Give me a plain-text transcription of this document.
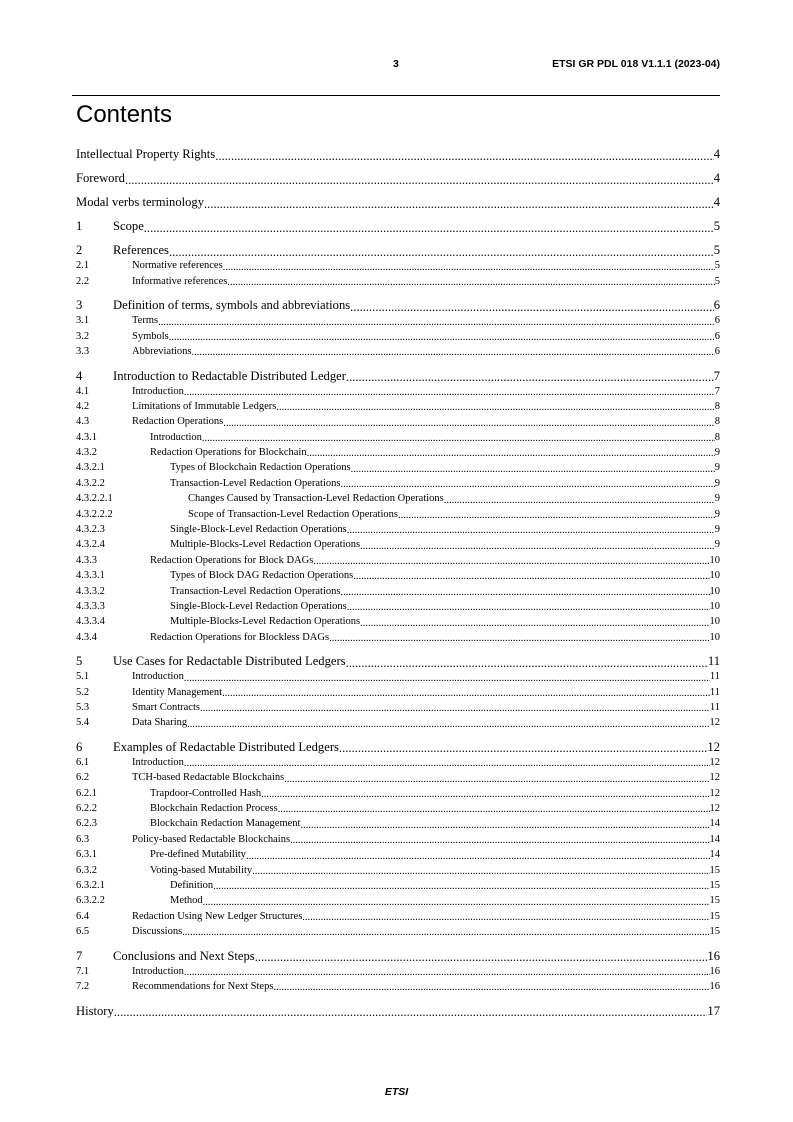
3	ETSI GR PDL 018 V1.1.1 (2023-04)
Contents
Intellectual Property Rights .....	4
Foreword .....	4
Modal verbs terminology .....	4
1	Scope .....	5
2	References .....	5
2.1	Normative references .....	5
2.2	Informative references .....	5
3	Definition of terms, symbols and abbreviations .....	6
3.1	Terms .....	6
3.2	Symbols .....	6
3.3	Abbreviations .....	6
4	Introduction to Redactable Distributed Ledger .....	7
4.1	Introduction .....	7
4.2	Limitations of Immutable Ledgers .....	8
4.3	Redaction Operations .....	8
4.3.1	Introduction .....	8
4.3.2	Redaction Operations for Blockchain .....	9
4.3.2.1	Types of Blockchain Redaction Operations .....	9
4.3.2.2	Transaction-Level Redaction Operations .....	9
4.3.2.2.1	Changes Caused by Transaction-Level Redaction Operations .....	9
4.3.2.2.2	Scope of Transaction-Level Redaction Operations .....	9
4.3.2.3	Single-Block-Level Redaction Operations .....	9
4.3.2.4	Multiple-Blocks-Level Redaction Operations .....	9
4.3.3	Redaction Operations for Block DAGs .....	10
4.3.3.1	Types of Block DAG Redaction Operations .....	10
4.3.3.2	Transaction-Level Redaction Operations .....	10
4.3.3.3	Single-Block-Level Redaction Operations .....	10
4.3.3.4	Multiple-Blocks-Level Redaction Operations .....	10
4.3.4	Redaction Operations for Blockless DAGs .....	10
5	Use Cases for Redactable Distributed Ledgers .....	11
5.1	Introduction .....	11
5.2	Identity Management .....	11
5.3	Smart Contracts .....	11
5.4	Data Sharing .....	12
6	Examples of Redactable Distributed Ledgers .....	12
6.1	Introduction .....	12
6.2	TCH-based Redactable Blockchains .....	12
6.2.1	Trapdoor-Controlled Hash .....	12
6.2.2	Blockchain Redaction Process .....	12
6.2.3	Blockchain Redaction Management .....	14
6.3	Policy-based Redactable Blockchains .....	14
6.3.1	Pre-defined Mutability .....	14
6.3.2	Voting-based Mutability .....	15
6.3.2.1	Definition .....	15
6.3.2.2	Method .....	15
6.4	Redaction Using New Ledger Structures .....	15
6.5	Discussions .....	15
7	Conclusions and Next Steps .....	16
7.1	Introduction .....	16
7.2	Recommendations for Next Steps .....	16
History .....	17
ETSI
